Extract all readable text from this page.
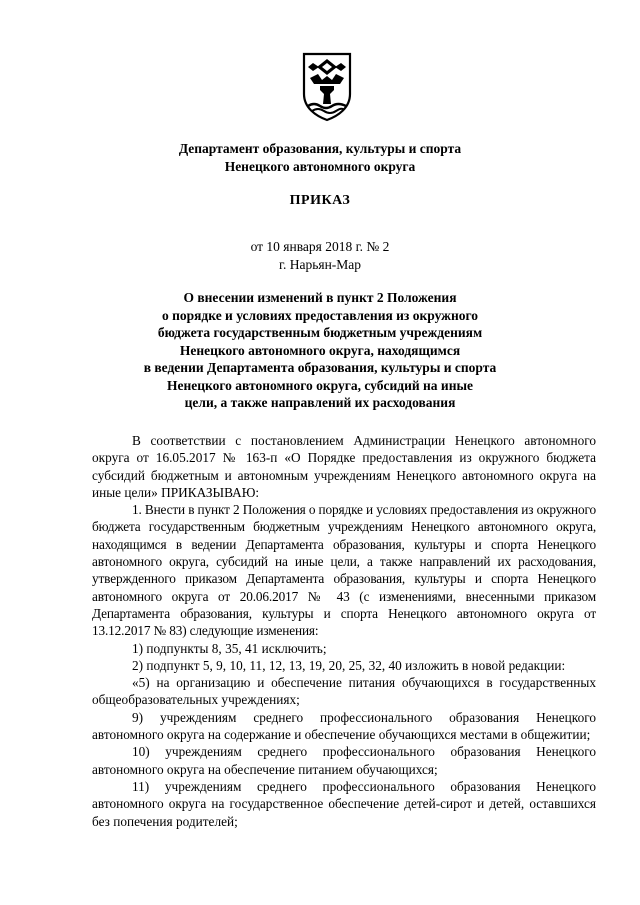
Департамент образования, культуры и спорта
Ненецкого автономного округа
ПРИКАЗ
от 10 января 2018 г. № 2
г. Нарьян-Мар
О внесении изменений в пункт 2 Положения
о порядке и условиях предоставления из окружного
бюджета государственным бюджетным учреждениям
Ненецкого автономного округа, находящимся
в ведении Департамента образования, культуры и спорта
Ненецкого автономного округа, субсидий на иные
цели, а также направлений их расходования

В соответствии с постановлением Администрации Ненецкого автономного округа от 16.05.2017 № 163-п «О Порядке предоставления из окружного бюджета субсидий бюджетным и автономным учреждениям Ненецкого автономного округа на иные цели» ПРИКАЗЫВАЮ:

1. Внести в пункт 2 Положения о порядке и условиях предоставления из окружного бюджета государственным бюджетным учреждениям Ненецкого автономного округа, находящимся в ведении Департамента образования, культуры и спорта Ненецкого автономного округа, субсидий на иные цели, а также направлений их расходования, утвержденного приказом Департамента образования, культуры и спорта Ненецкого автономного округа от 20.06.2017 № 43 (с изменениями, внесенными приказом Департамента образования, культуры и спорта Ненецкого автономного округа от 13.12.2017 № 83) следующие изменения:

1) подпункты 8, 35, 41 исключить;

2) подпункт 5, 9, 10, 11, 12, 13, 19, 20, 25, 32, 40 изложить в новой редакции:

«5) на организацию и обеспечение питания обучающихся в государственных общеобразовательных учреждениях;

9) учреждениям среднего профессионального образования Ненецкого автономного округа на содержание и обеспечение обучающихся местами в общежитии;

10) учреждениям среднего профессионального образования Ненецкого автономного округа на обеспечение питанием обучающихся;

11) учреждениям среднего профессионального образования Ненецкого автономного округа на государственное обеспечение детей-сирот и детей, оставшихся без попечения родителей;
